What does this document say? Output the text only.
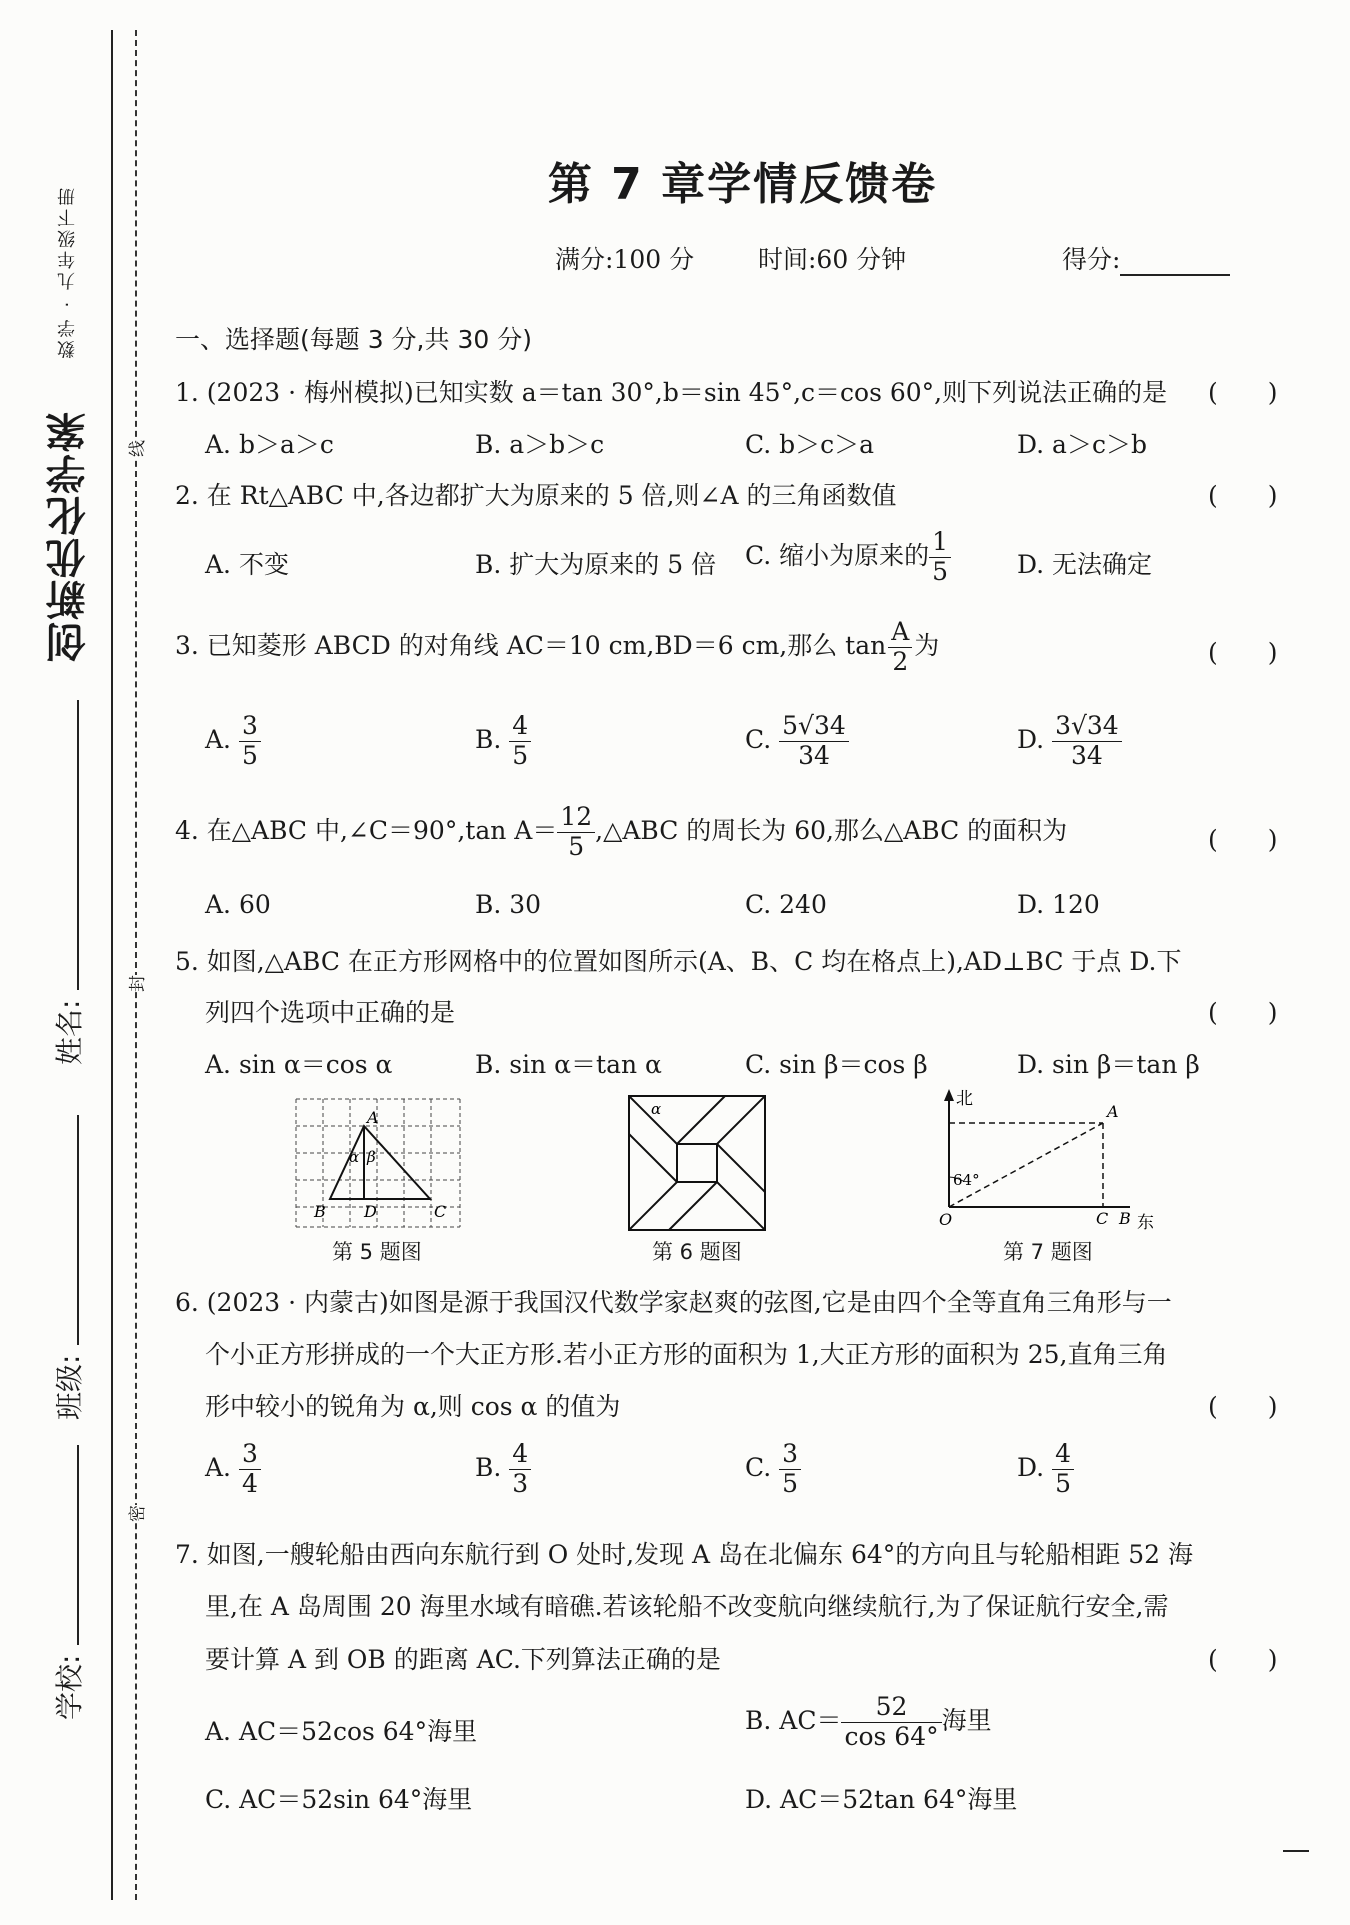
创新优化学案
数学 · 九年级下册
线
封
密
姓名:
班级:
学校:
第 7 章学情反馈卷
满分:100 分	时间:60 分钟	得分:
一、选择题(每题 3 分,共 30 分)
1. (2023 · 梅州模拟)已知实数 a＝tan 30°,b＝sin 45°,c＝cos 60°,则下列说法正确的是 (　　)
A. b＞a＞c	B. a＞b＞c	C. b＞c＞a	D. a＞c＞b
2. 在 Rt△ABC 中,各边都扩大为原来的 5 倍,则∠A 的三角函数值	(　　)
A. 不变	B. 扩大为原来的 5 倍 C. 缩小为原来的 $\frac{1}{5}$	D. 无法确定
3. 已知菱形 ABCD 的对角线 AC＝10 cm,BD＝6 cm,那么 $\tan \frac{A}{2}$ 为	(　　)
A. $\frac{3}{5}$	B. $\frac{4}{5}$	C. $\frac{5√34}{34}$	D. $\frac{3√34}{34}$
4. 在△ABC 中,∠C＝90°,tan $A= \frac{12}{5}$ ,△ABC 的周长为 60,那么△ABC 的面积为	(　　)
A. 60	B. 30	C. 240	D. 120
5. 如图,△ABC 在正方形网格中的位置如图所示(A、B、C 均在格点上),AD⊥BC 于点 D.下
列四个选项中正确的是	(　　)
A. sin α＝cos α	B. sin α＝tan α	C. sin β＝cos β	D. sin β＝tan β
A
B	C
D
α β
第 5 题图
α
第 6 题图
北
A
64°
O	C B 东
第 7 题图
6. (2023 · 内蒙古)如图是源于我国汉代数学家赵爽的弦图,它是由四个全等直角三角形与一
个小正方形拼成的一个大正方形.若小正方形的面积为 1,大正方形的面积为 25,直角三角
形中较小的锐角为 α,则 cos α 的值为	(　　)
A. $\frac{3}{4}$	B. $\frac{4}{3}$	C. $\frac{3}{5}$	D. $\frac{4}{5}$
7. 如图,一艘轮船由西向东航行到 O 处时,发现 A 岛在北偏东 64°的方向且与轮船相距 52 海
里,在 A 岛周围 20 海里水域有暗礁.若该轮船不改变航向继续航行,为了保证航行安全,需
要计算 A 到 OB 的距离 AC.下列算法正确的是	(　　)
A. AC＝52cos 64°海里	B. $AC= \frac{52}{\cos 64^\circ}$ 海里
C. AC＝52sin 64°海里	D. AC＝52tan 64°海里
